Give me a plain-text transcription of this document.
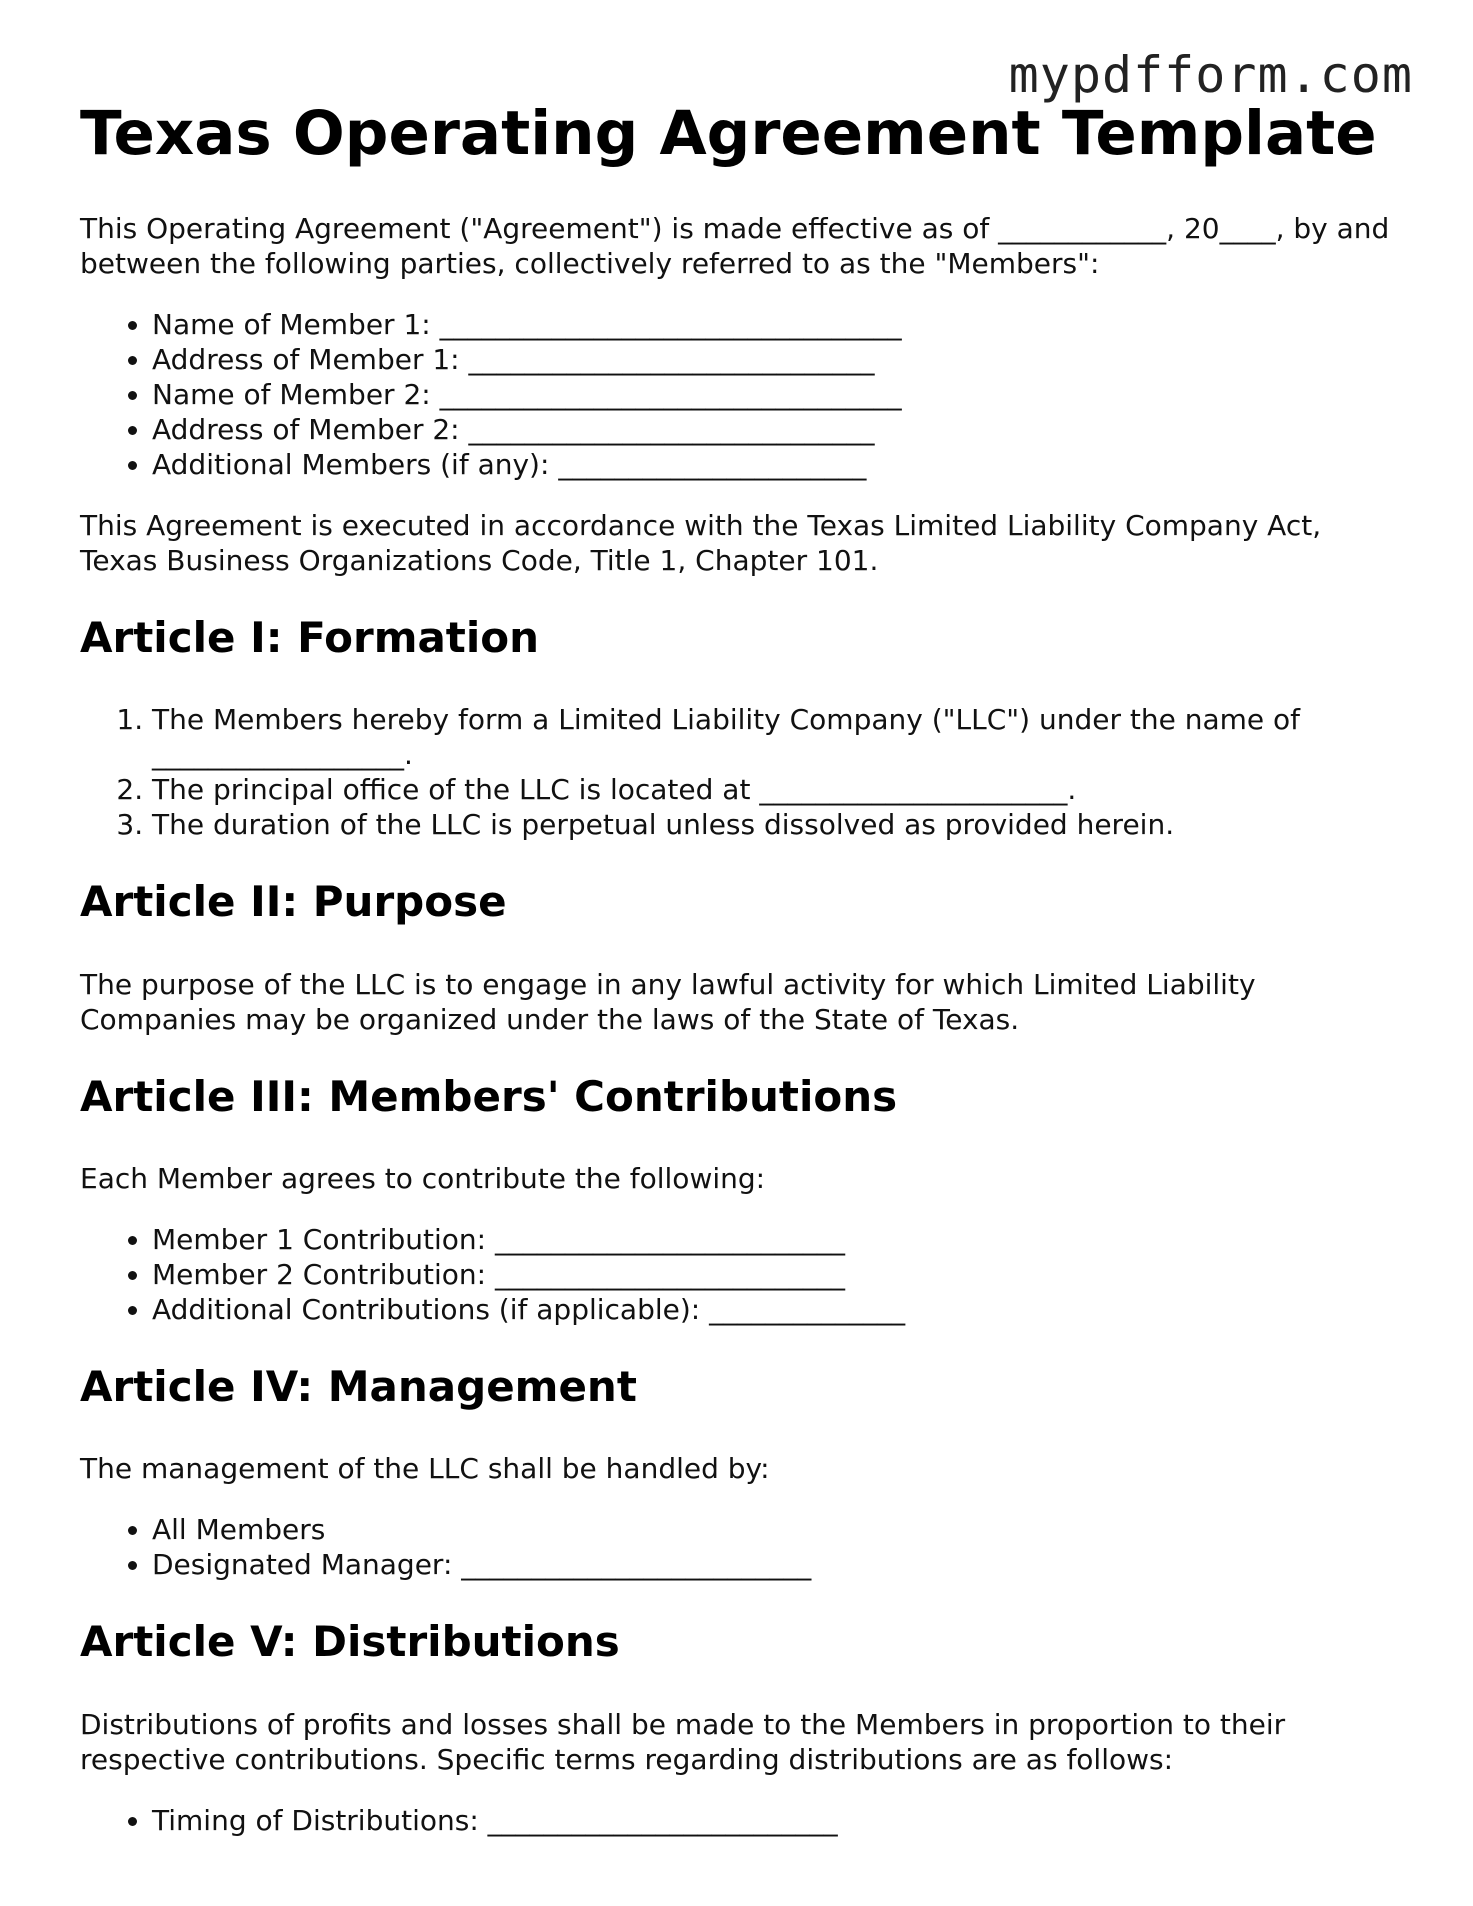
mypdfform.com
Texas Operating Agreement Template

This Operating Agreement ("Agreement") is made effective as of ____________, 20____, by and between the following parties, collectively referred to as the "Members":

• Name of Member 1: _________________________________
• Address of Member 1: _____________________________
• Name of Member 2: _________________________________
• Address of Member 2: _____________________________
• Additional Members (if any): ______________________

This Agreement is executed in accordance with the Texas Limited Liability Company Act, Texas Business Organizations Code, Title 1, Chapter 101.

Article I: Formation
1. The Members hereby form a Limited Liability Company ("LLC") under the name of __________________.
2. The principal office of the LLC is located at ______________________.
3. The duration of the LLC is perpetual unless dissolved as provided herein.
Article II: Purpose

The purpose of the LLC is to engage in any lawful activity for which Limited Liability Companies may be organized under the laws of the State of Texas.

Article III: Members' Contributions

Each Member agrees to contribute the following:

• Member 1 Contribution: _________________________
• Member 2 Contribution: _________________________
• Additional Contributions (if applicable): ______________
Article IV: Management

The management of the LLC shall be handled by:

• All Members
• Designated Manager: _________________________
Article V: Distributions

Distributions of profits and losses shall be made to the Members in proportion to their respective contributions. Specific terms regarding distributions are as follows:

• Timing of Distributions: _________________________
